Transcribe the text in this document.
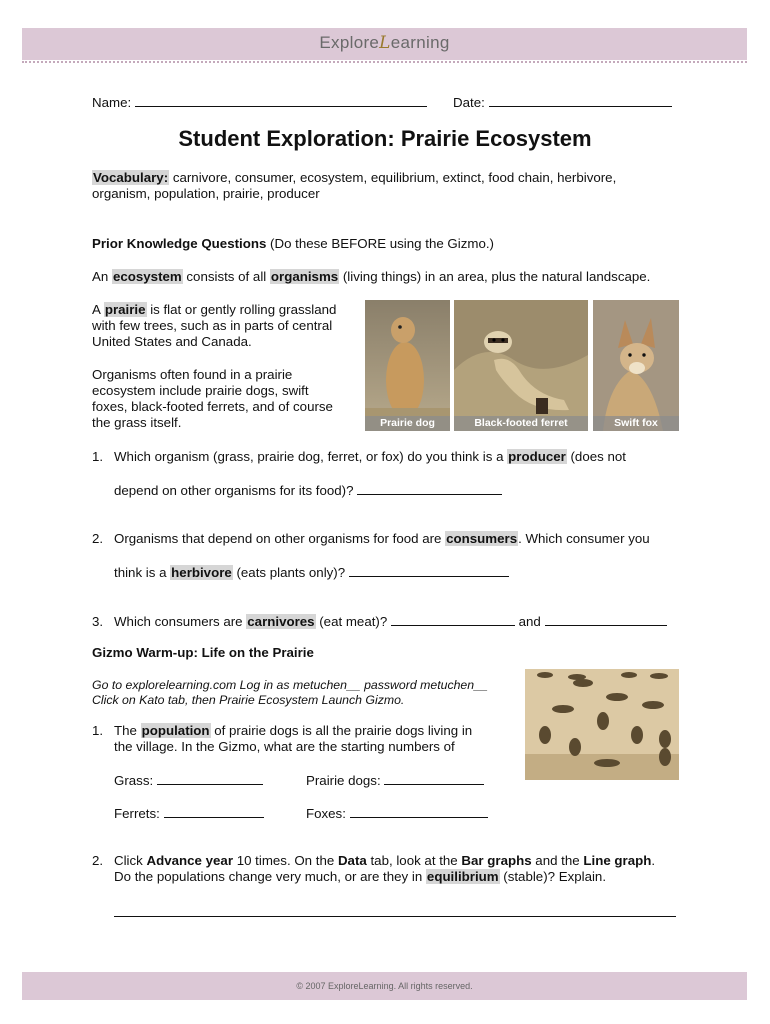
ExploreLearning
Name:	Date:
Student Exploration: Prairie Ecosystem
Vocabulary: carnivore, consumer, ecosystem, equilibrium, extinct, food chain, herbivore,
organism, population, prairie, producer
Prior Knowledge Questions (Do these BEFORE using the Gizmo.)
An ecosystem consists of all organisms (living things) in an area, plus the natural landscape.
A prairie is flat or gently rolling grassland
with few trees, such as in parts of central
United States and Canada.
Organisms often found in a prairie
ecosystem include prairie dogs, swift
foxes, black-footed ferrets, and of course
the grass itself.	Prairie dog	Black-footed ferret	Swift fox
1. Which organism (grass, prairie dog, ferret, or fox) do you think is a producer (does not
depend on other organisms for its food)?
2. Organisms that depend on other organisms for food are consumers. Which consumer you
think is a herbivore (eats plants only)?
3. Which consumers are carnivores (eat meat)?	and
Gizmo Warm-up: Life on the Prairie
Go to explorelearning.com Log in as metuchen__ password metuchen__
Click on Kato tab, then Prairie Ecosystem Launch Gizmo.
1. The population of prairie dogs is all the prairie dogs living in
the village. In the Gizmo, what are the starting numbers of
Grass:	Prairie dogs:
Ferrets:	Foxes:
2. Click Advance year 10 times. On the Data tab, look at the Bar graphs and the Line graph.
Do the populations change very much, or are they in equilibrium (stable)? Explain.
© 2007 ExploreLearning. All rights reserved.
